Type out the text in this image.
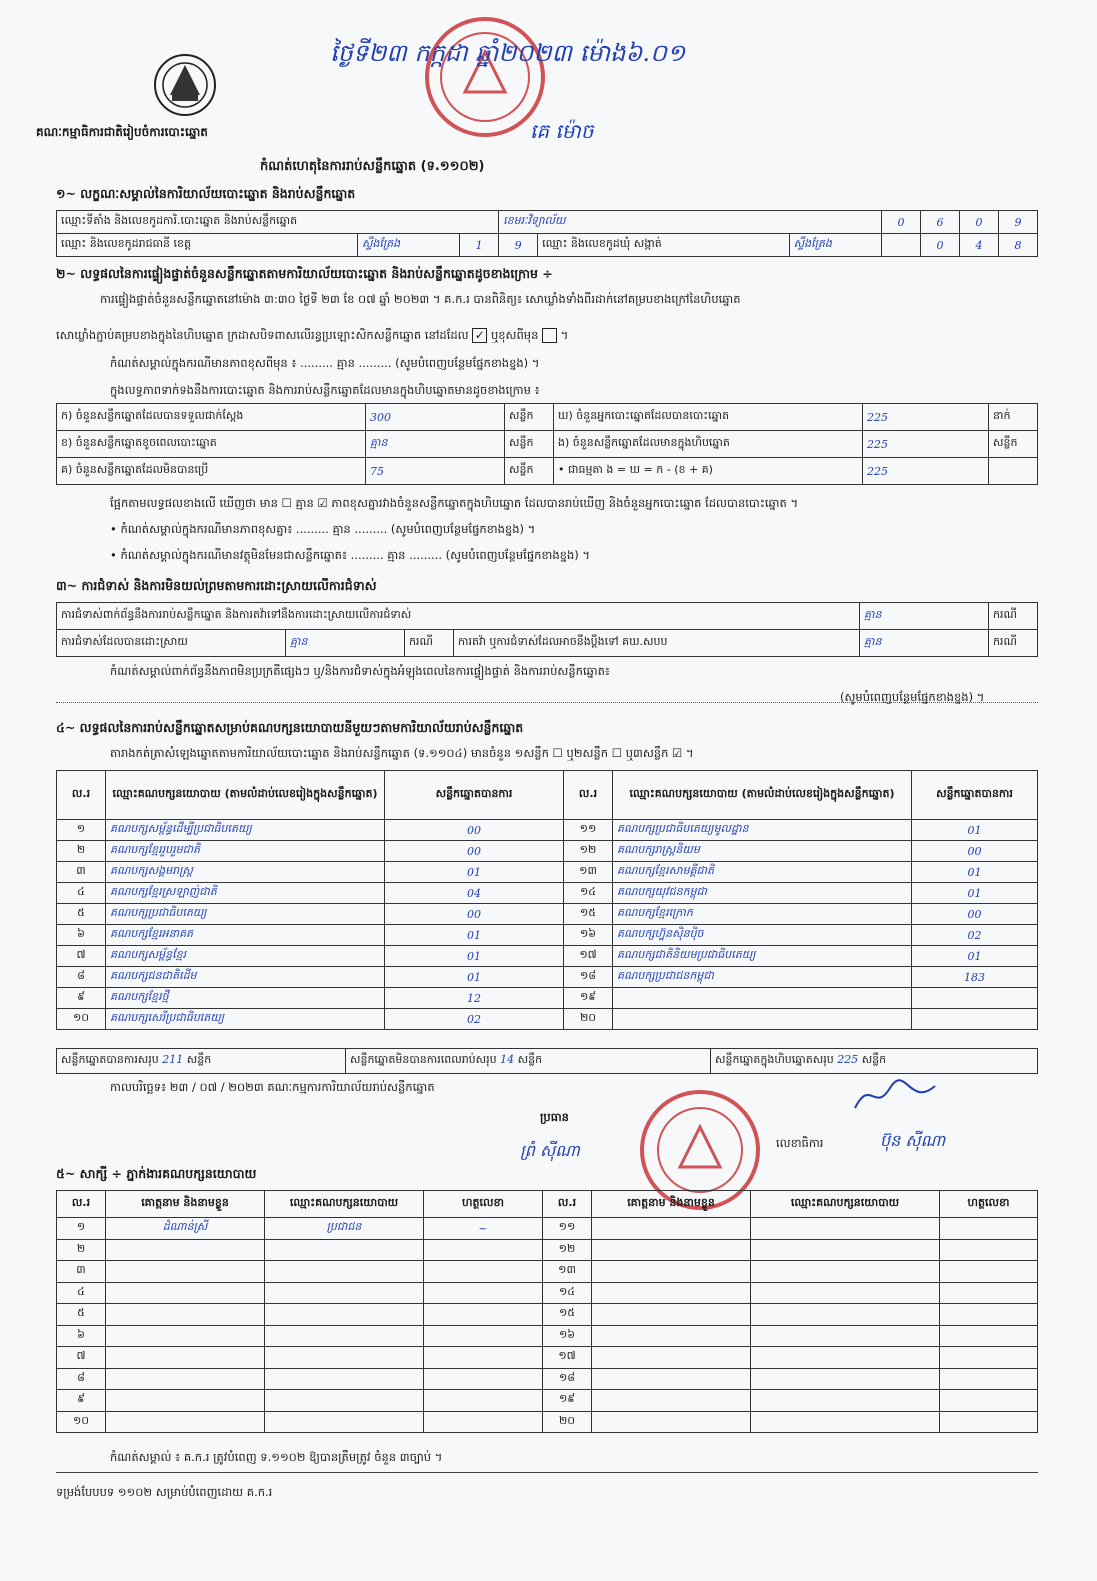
គណៈកម្មាធិការជាតិរៀបចំការបោះឆ្នោត
ថ្ងៃទី២៣ កក្កដា ឆ្នាំ២០២៣ ម៉ោង៦.០១
គេ ម៉ោច
កំណត់ហេតុនៃការរាប់សន្លឹកឆ្នោត (ទ.១១០២)
១~ លក្ខណៈសម្គាល់នៃការិយាល័យបោះឆ្នោត និងរាប់សន្លឹកឆ្នោត
ឈ្មោះទីតាំង និងលេខកូដការិ.បោះឆ្នោត និងរាប់សន្លឹកឆ្នោត			ខេមរៈវិទ្យាល័យ			0	6	0	9
ឈ្មោះ និងលេខកូដរាជធានី ខេត្ត	ស្ទឹងត្រែង	1	9	ឈ្មោះ និងលេខកូដឃុំ សង្កាត់	ស្ទឹងត្រែង		0	4	8
២~ លទ្ធផលនៃការផ្ទៀងផ្ទាត់ចំនួនសន្លឹកឆ្នោតតាមការិយាល័យបោះឆ្នោត និងរាប់សន្លឹកឆ្នោតដូចខាងក្រោម ÷
ការផ្ទៀងផ្ទាត់ចំនួនសន្លឹកឆ្នោតនៅម៉ោង ៣:៣០ ថ្ងៃទី ២៣ ខែ ០៧ ឆ្នាំ ២០២៣ ។ គ.ក.រ បានពិនិត្យ៖ សោឃ្លាំងទាំងពីរដាក់នៅគម្របខាងក្រៅនៃហិបឆ្នោត
សោឃ្លាំងភ្ជាប់គម្របខាងក្នុងនៃហិបឆ្នោត ក្រដាសបិទពាសលើរន្ធប្រឡោះសិកសន្លឹកឆ្នោត នៅដដែល ✓ ឬខុសពីមុន  ។
កំណត់សម្គាល់ក្នុងករណីមានភាពខុសពីមុន ៖ ......... គ្មាន ......... (សូមបំពេញបន្ថែមផ្នែកខាងខ្នង) ។
ក្នុងលទ្ធភាពទាក់ទងនឹងការបោះឆ្នោត និងការរាប់សន្លឹកឆ្នោតដែលមានក្នុងហិបឆ្នោតមានដូចខាងក្រោម ៖
ក) ចំនួនសន្លឹកឆ្នោតដែលបានទទួលជាក់ស្តែង	300	សន្លឹក	ឃ) ចំនួនអ្នកបោះឆ្នោតដែលបានបោះឆ្នោត	225	នាក់
ខ) ចំនួនសន្លឹកឆ្នោតខូចពេលបោះឆ្នោត	គ្មាន	សន្លឹក	ង) ចំនួនសន្លឹកឆ្នោតដែលមានក្នុងហិបឆ្នោត	225	សន្លឹក
គ) ចំនួនសន្លឹកឆ្នោតដែលមិនបានប្រើ	75	សន្លឹក	• ជាធម្មតា ង = ឃ = ក - (ខ + គ)	225	
ផ្អែកតាមលទ្ធផលខាងលើ ឃើញថា មាន ☐ គ្មាន ☑ ភាពខុសគ្នារវាងចំនួនសន្លឹកឆ្នោតក្នុងហិបឆ្នោត ដែលបានរាប់ឃើញ និងចំនួនអ្នកបោះឆ្នោត ដែលបានបោះឆ្នោត ។
• កំណត់សម្គាល់ក្នុងករណីមានភាពខុសគ្នា៖ ......... គ្មាន ......... (សូមបំពេញបន្ថែមផ្នែកខាងខ្នង) ។
• កំណត់សម្គាល់ក្នុងករណីមានវត្ថុមិនមែនជាសន្លឹកឆ្នោត៖ ......... គ្មាន ......... (សូមបំពេញបន្ថែមផ្នែកខាងខ្នង) ។
៣~ ការជំទាស់ និងការមិនយល់ព្រមតាមការដោះស្រាយលើការជំទាស់
ការជំទាស់ពាក់ព័ន្ធនឹងការរាប់សន្លឹកឆ្នោត និងការតវ៉ាទៅនឹងការដោះស្រាយលើការជំទាស់				គ្មាន	ករណី
ការជំទាស់ដែលបានដោះស្រាយ	គ្មាន	ករណី	ការតវ៉ា ឬការជំទាស់ដែលអាចនឹងប្តឹងទៅ គឃ.សបប	គ្មាន	ករណី
កំណត់សម្គាល់ពាក់ព័ន្ធនឹងភាពមិនប្រក្រតីផ្សេងៗ ឬ/និងការជំទាស់ក្នុងអំឡុងពេលនៃការផ្ទៀងផ្ទាត់ និងការរាប់សន្លឹកឆ្នោត៖
(សូមបំពេញបន្ថែមផ្នែកខាងខ្នង) ។
៤~ លទ្ធផលនៃការរាប់សន្លឹកឆ្នោតសម្រាប់គណបក្សនយោបាយនីមួយៗតាមការិយាល័យរាប់សន្លឹកឆ្នោត
តារាងកត់ត្រាសំឡេងឆ្នោតតាមការិយាល័យបោះឆ្នោត និងរាប់សន្លឹកឆ្នោត (ទ.១១០៤) មានចំនួន ១សន្លឹក ☐ ឬ២សន្លឹក ☐ ឬ៣សន្លឹក ☑ ។
ល.រ	ឈ្មោះគណបក្សនយោបាយ (តាមលំដាប់លេខរៀងក្នុងសន្លឹកឆ្នោត)	សន្លឹកឆ្នោតបានការ	ល.រ	ឈ្មោះគណបក្សនយោបាយ (តាមលំដាប់លេខរៀងក្នុងសន្លឹកឆ្នោត)	សន្លឹកឆ្នោតបានការ
១	គណបក្សសម្ព័ន្ធដើម្បីប្រជាធិបតេយ្យ	00	១១	គណបក្សប្រជាធិបតេយ្យមូលដ្ឋាន	01
២	គណបក្សខ្មែររួបរួមជាតិ	00	១២	គណបក្សរាស្ត្រនិយម	00
៣	គណបក្សសង្គមរាស្ត្រ	01	១៣	គណបក្សខ្មែរសាមគ្គីជាតិ	01
៤	គណបក្សខ្មែរស្រឡាញ់ជាតិ	04	១៤	គណបក្សយុវជនកម្ពុជា	01
៥	គណបក្សប្រជាធិបតេយ្យ	00	១៥	គណបក្សខ្មែរក្រោក	00
៦	គណបក្សខ្មែរអនាគត	01	១៦	គណបក្សហ្វ៊ុនស៊ិនប៉ិច	02
៧	គណបក្សសម្ព័ន្ធខ្មែរ	01	១៧	គណបក្សជាតិនិយមប្រជាធិបតេយ្យ	01
៨	គណបក្សជនជាតិដើម	01	១៨	គណបក្សប្រជាជនកម្ពុជា	183
៩	គណបក្សខ្មែរថ្មី	12	១៩		
១០	គណបក្សសេរីប្រជាធិបតេយ្យ	02	២០		
សន្លឹកឆ្នោតបានការសរុប 211 សន្លឹក	សន្លឹកឆ្នោតមិនបានការពេលរាប់សរុប 14 សន្លឹក	សន្លឹកឆ្នោតក្នុងហិបឆ្នោតសរុប 225 សន្លឹក
កាលបរិច្ឆេទ៖ ២៣ / ០៧ / ២០២៣ គណៈកម្មការការិយាល័យរាប់សន្លឹកឆ្នោត
ប្រធាន
ព្រំ ស៊ីណា	លេខាធិការ	ប៊ុន សុីណា
៥~ សាក្សី ÷ ភ្នាក់ងារគណបក្សនយោបាយ
ល.រ	គោត្តនាម និងនាមខ្លួន	ឈ្មោះគណបក្សនយោបាយ	ហត្ថលេខា	ល.រ	គោត្តនាម និងនាមខ្លួន	ឈ្មោះគណបក្សនយោបាយ	ហត្ថលេខា
១	ដំណាន់ស្រី	ប្រជាជន	~	១១			
២				១២			
៣				១៣			
៤				១៤			
៥				១៥			
៦				១៦			
៧				១៧			
៨				១៨			
៩				១៩			
១០				២០			
កំណត់សម្គាល់ ៖ គ.ក.រ ត្រូវបំពេញ ទ.១១០២ ឱ្យបានត្រឹមត្រូវ ចំនួន ៣ច្បាប់ ។
ទម្រង់បែបបទ ១១០២ សម្រាប់បំពេញដោយ គ.ក.រ
